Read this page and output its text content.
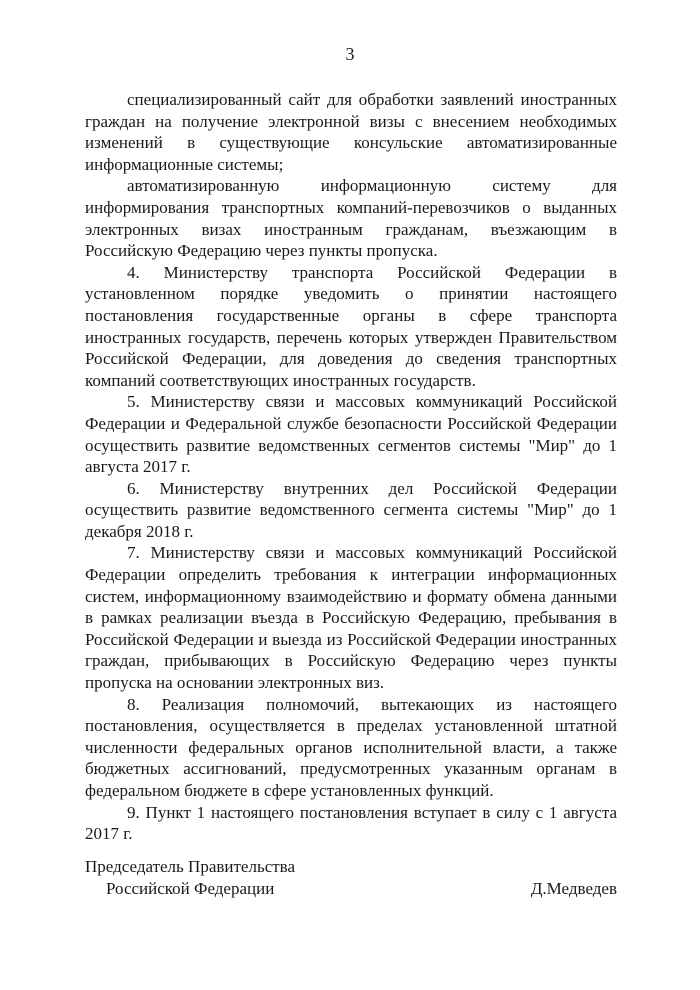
3

специализированный сайт для обработки заявлений иностранных граждан на получение электронной визы с внесением необходимых изменений в существующие консульские автоматизированные информационные системы;

автоматизированную информационную систему для информирования транспортных компаний-перевозчиков о выданных электронных визах иностранным гражданам, въезжающим в Российскую Федерацию через пункты пропуска.

4. Министерству транспорта Российской Федерации в установленном порядке уведомить о принятии настоящего постановления государственные органы в сфере транспорта иностранных государств, перечень которых утвержден Правительством Российской Федерации, для доведения до сведения транспортных компаний соответствующих иностранных государств.

5. Министерству связи и массовых коммуникаций Российской Федерации и Федеральной службе безопасности Российской Федерации осуществить развитие ведомственных сегментов системы "Мир" до 1 августа 2017 г.

6. Министерству внутренних дел Российской Федерации осуществить развитие ведомственного сегмента системы "Мир" до 1 декабря 2018 г.

7. Министерству связи и массовых коммуникаций Российской Федерации определить требования к интеграции информационных систем, информационному взаимодействию и формату обмена данными в рамках реализации въезда в Российскую Федерацию, пребывания в Российской Федерации и выезда из Российской Федерации иностранных граждан, прибывающих в Российскую Федерацию через пункты пропуска на основании электронных виз.

8. Реализация полномочий, вытекающих из настоящего постановления, осуществляется в пределах установленной штатной численности федеральных органов исполнительной власти, а также бюджетных ассигнований, предусмотренных указанным органам в федеральном бюджете в сфере установленных функций.

9. Пункт 1 настоящего постановления вступает в силу с 1 августа 2017 г.

Председатель Правительства
Российской Федерации	Д.Медведев
